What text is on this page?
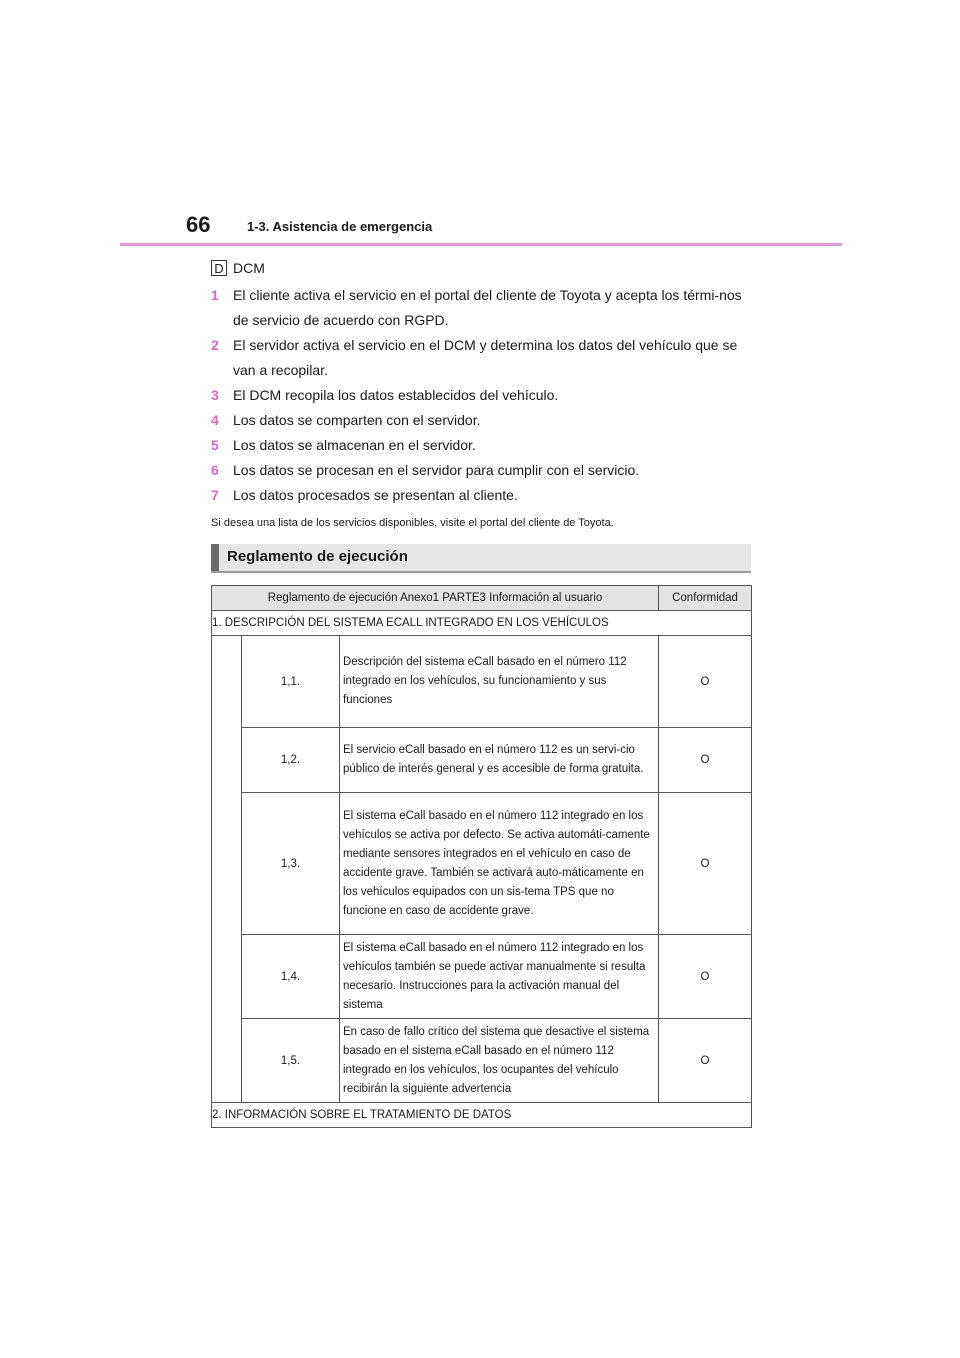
66	1-3. Asistencia de emergencia
D DCM
1	El cliente activa el servicio en el portal del cliente de Toyota y acepta los térmi-nos de servicio de acuerdo con RGPD.
2	El servidor activa el servicio en el DCM y determina los datos del vehículo que se van a recopilar.
3	El DCM recopila los datos establecidos del vehículo.
4	Los datos se comparten con el servidor.
5	Los datos se almacenan en el servidor.
6	Los datos se procesan en el servidor para cumplir con el servicio.
7	Los datos procesados se presentan al cliente.
Si desea una lista de los servicios disponibles, visite el portal del cliente de Toyota.
Reglamento de ejecución
Reglamento de ejecución Anexo1 PARTE3 Información al usuario			Conformidad
1. DESCRIPCIÓN DEL SISTEMA ECALL INTEGRADO EN LOS VEHÍCULOS			
	1,1.	Descripción del sistema eCall basado en el número 112 integrado en los vehículos, su funcionamiento y sus funciones	O
	1,2.	El servicio eCall basado en el número 112 es un servi-cio público de interés general y es accesible de forma gratuita.	O
	1,3.	El sistema eCall basado en el número 112 integrado en los vehículos se activa por defecto. Se activa automáti-camente mediante sensores integrados en el vehículo en caso de accidente grave. También se activará auto-máticamente en los vehículos equipados con un sis-tema TPS que no funcione en caso de accidente grave.	O
	1,4.	El sistema eCall basado en el número 112 integrado en los vehículos también se puede activar manualmente si resulta necesario. Instrucciones para la activación manual del sistema	O
	1,5.	En caso de fallo crítico del sistema que desactive el sistema basado en el sistema eCall basado en el número 112 integrado en los vehículos, los ocupantes del vehículo recibirán la siguiente advertencia	O
2. INFORMACIÓN SOBRE EL TRATAMIENTO DE DATOS			
